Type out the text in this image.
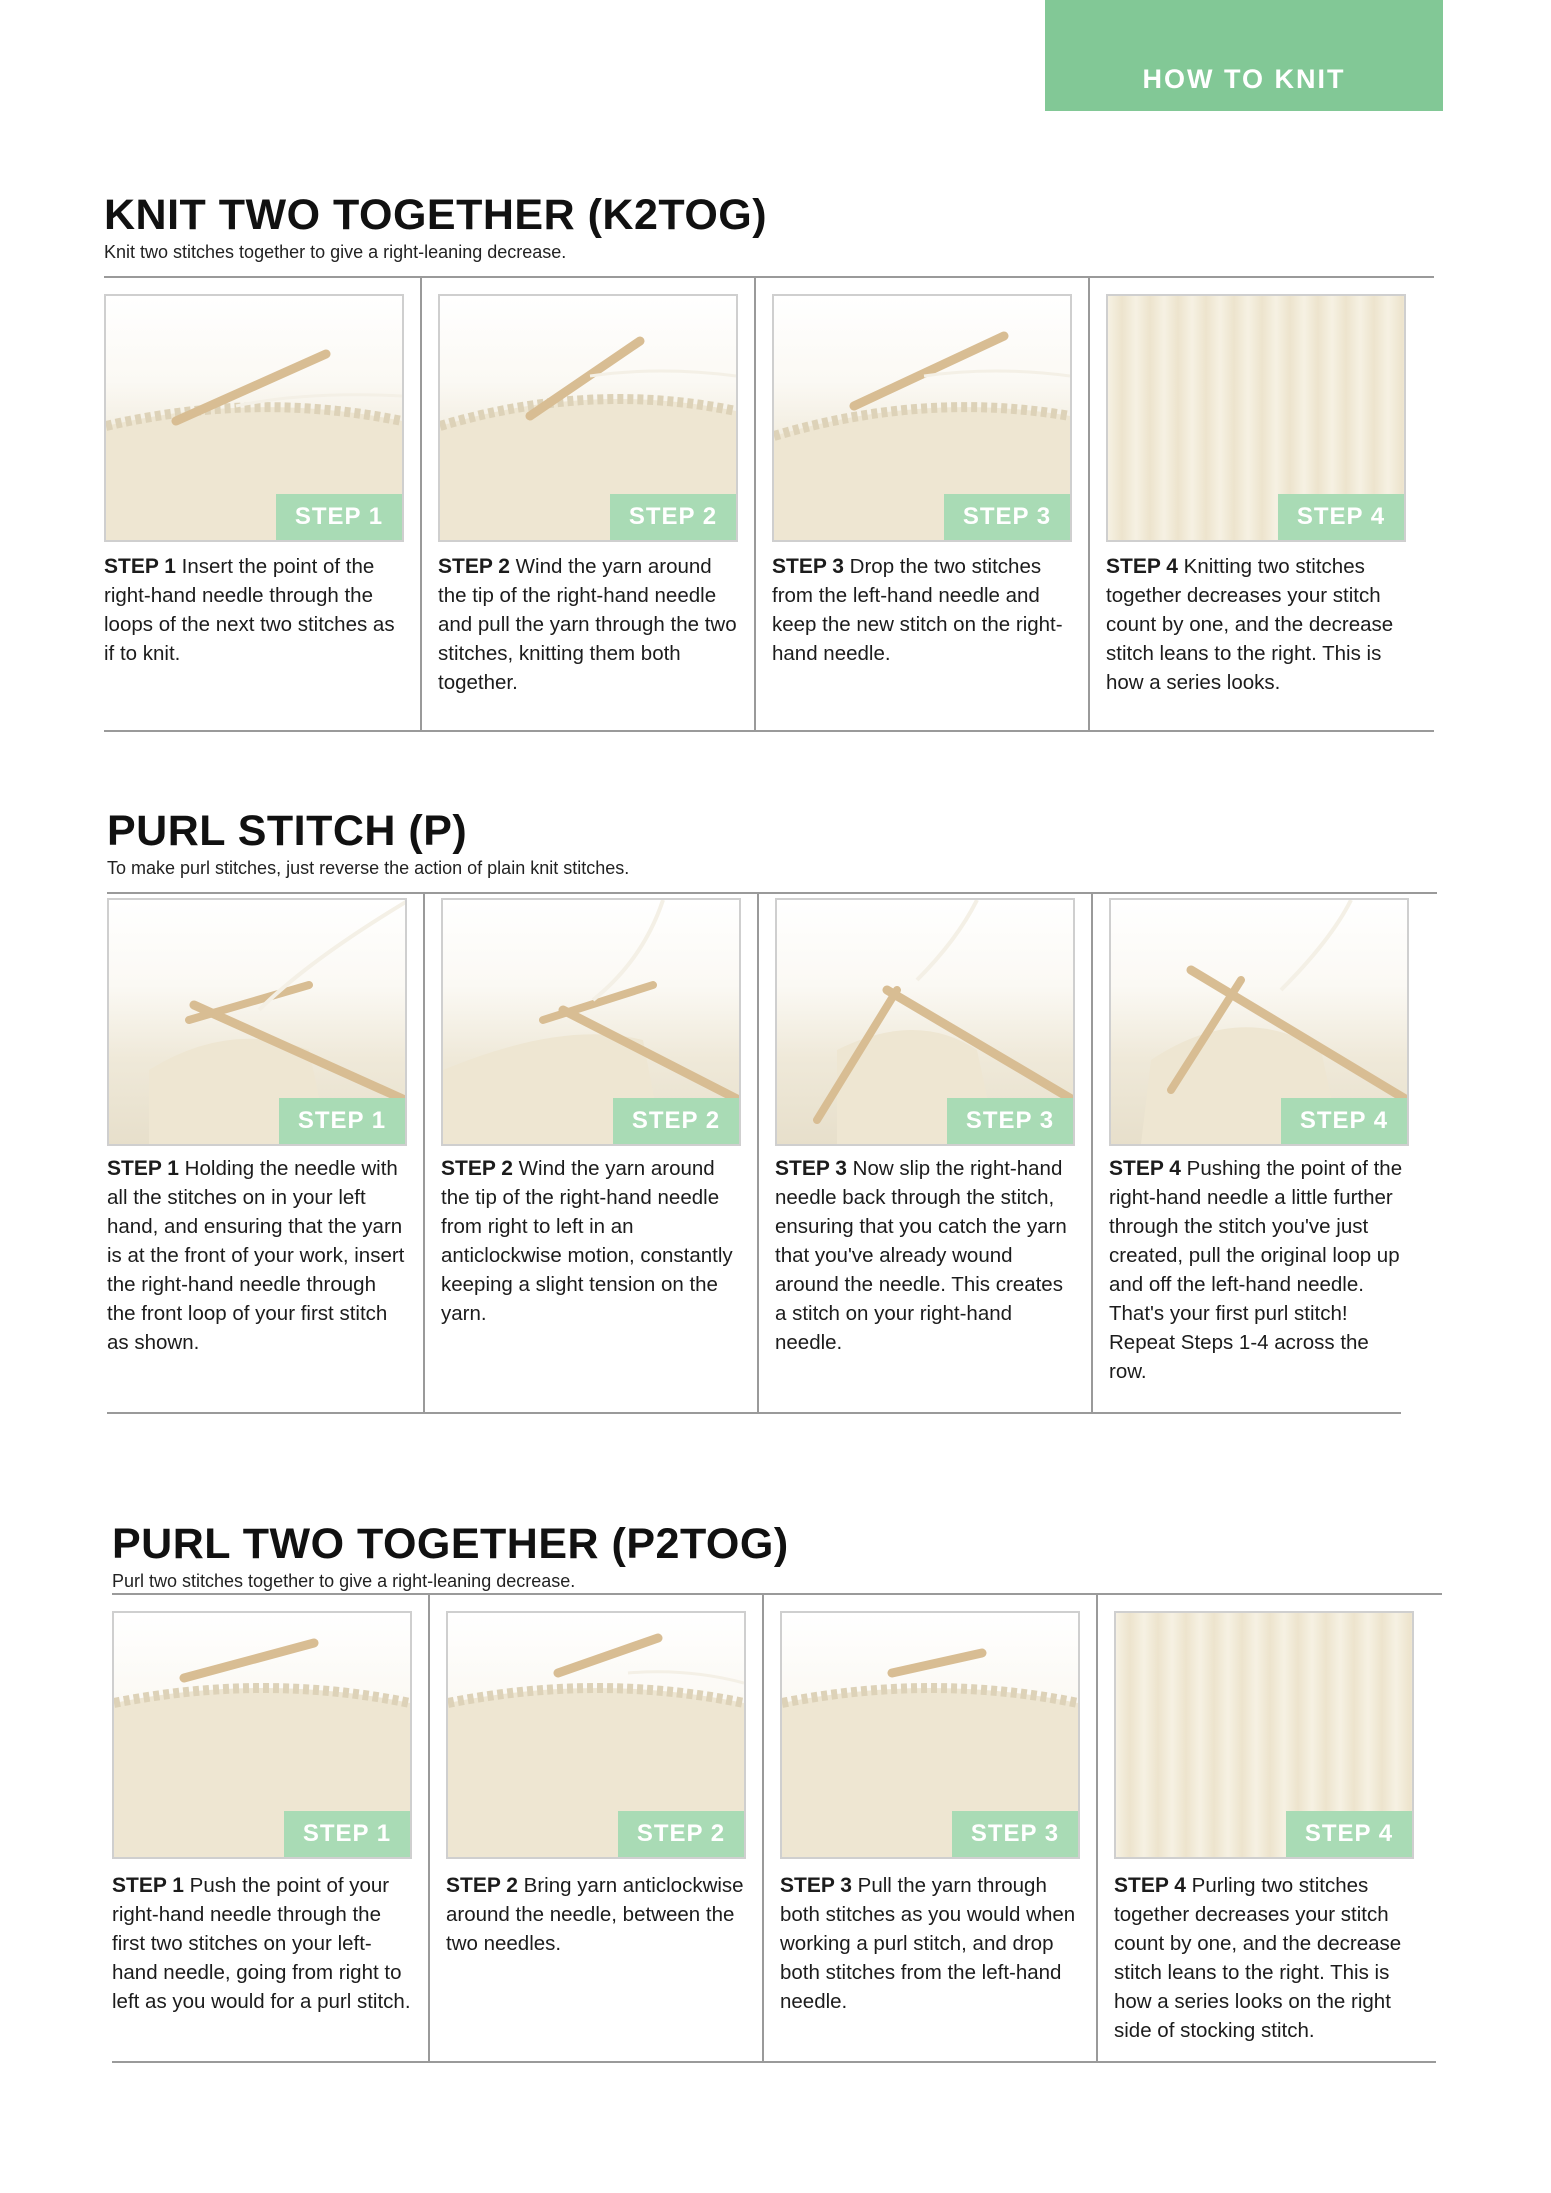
HOW TO KNIT
KNIT TWO TOGETHER (K2TOG)
Knit two stitches together to give a right-leaning decrease.
STEP 1
STEP 1 Insert the point of the right-hand needle through the loops of the next two stitches as if to knit.
STEP 2
STEP 2 Wind the yarn around the tip of the right-hand needle and pull the yarn through the two stitches, knitting them both together.
STEP 3
STEP 3 Drop the two stitches from the left-hand needle and keep the new stitch on the right-hand needle.
STEP 4
STEP 4 Knitting two stitches together decreases your stitch count by one, and the decrease stitch leans to the right. This is how a series looks.
PURL STITCH (P)
To make purl stitches, just reverse the action of plain knit stitches.
STEP 1
STEP 1 Holding the needle with all the stitches on in your left hand, and ensuring that the yarn is at the front of your work, insert the right-hand needle through the front loop of your first stitch as shown.
STEP 2
STEP 2 Wind the yarn around the tip of the right-hand needle from right to left in an anticlockwise motion, constantly keeping a slight tension on the yarn.
STEP 3
STEP 3 Now slip the right-hand needle back through the stitch, ensuring that you catch the yarn that you've already wound around the needle. This creates a stitch on your right-hand needle.
STEP 4
STEP 4 Pushing the point of the right-hand needle a little further through the stitch you've just created, pull the original loop up and off the left-hand needle. That's your first purl stitch! Repeat Steps 1-4 across the row.
PURL TWO TOGETHER (P2TOG)
Purl two stitches together to give a right-leaning decrease.
STEP 1
STEP 1 Push the point of your right-hand needle through the first two stitches on your left-hand needle, going from right to left as you would for a purl stitch.
STEP 2
STEP 2 Bring yarn anticlockwise around the needle, between the two needles.
STEP 3
STEP 3 Pull the yarn through both stitches as you would when working a purl stitch, and drop both stitches from the left-hand needle.
STEP 4
STEP 4 Purling two stitches together decreases your stitch count by one, and the decrease stitch leans to the right. This is how a series looks on the right side of stocking stitch.
